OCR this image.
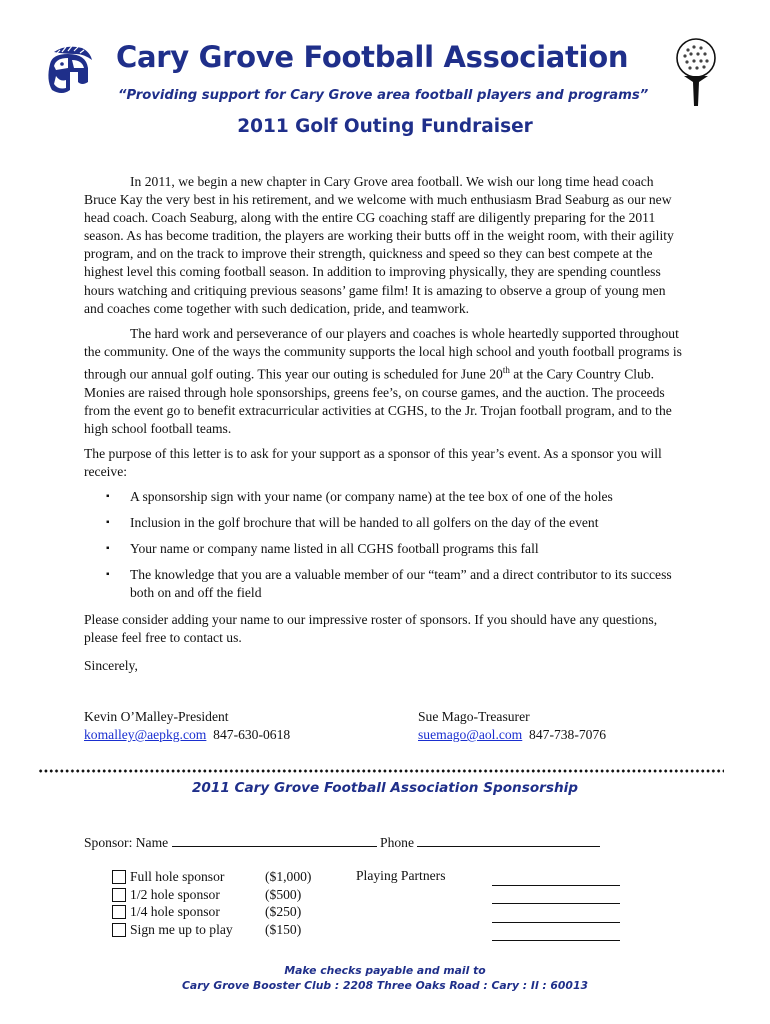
Cary Grove Football Association
“Providing support for Cary Grove area football players and programs”
2011 Golf Outing Fundraiser

In 2011, we begin a new chapter in Cary Grove area football. We wish our long time head coach Bruce Kay the very best in his retirement, and we welcome with much enthusiasm Brad Seaburg as our new head coach. Coach Seaburg, along with the entire CG coaching staff are diligently preparing for the 2011 season. As has become tradition, the players are working their butts off in the weight room, with their agility program, and on the track to improve their strength, quickness and speed so they can best compete at the highest level this coming football season. In addition to improving physically, they are spending countless hours watching and critiquing previous seasons’ game film! It is amazing to observe a group of young men and coaches come together with such dedication, pride, and teamwork.

The hard work and perseverance of our players and coaches is whole heartedly supported throughout the community. One of the ways the community supports the local high school and youth football programs is through our annual golf outing. This year our outing is scheduled for June 20th at the Cary Country Club. Monies are raised through hole sponsorships, greens fee’s, on course games, and the auction. The proceeds from the event go to benefit extracurricular activities at CGHS, to the Jr. Trojan football program, and to the high school football teams.

The purpose of this letter is to ask for your support as a sponsor of this year’s event. As a sponsor you will receive:

▪ A sponsorship sign with your name (or company name) at the tee box of one of the holes
▪ Inclusion in the golf brochure that will be handed to all golfers on the day of the event
▪ Your name or company name listed in all CGHS football programs this fall
▪ The knowledge that you are a valuable member of our “team” and a direct contributor to its success both on and off the field

Please consider adding your name to our impressive roster of sponsors. If you should have any questions, please feel free to contact us.

Sincerely,

Kevin O’Malley-President
komalley@aepkg.com 847-630-0618
Sue Mago-Treasurer
suemago@aol.com 847-738-7076
2011 Cary Grove Football Association Sponsorship
Sponsor: Name	Phone
Full hole sponsor	($1,000)
1/2 hole sponsor	($500)
1/4 hole sponsor	($250)
Sign me up to play ($150)
Playing Partners
Make checks payable and mail to
Cary Grove Booster Club : 2208 Three Oaks Road : Cary : Il : 60013
